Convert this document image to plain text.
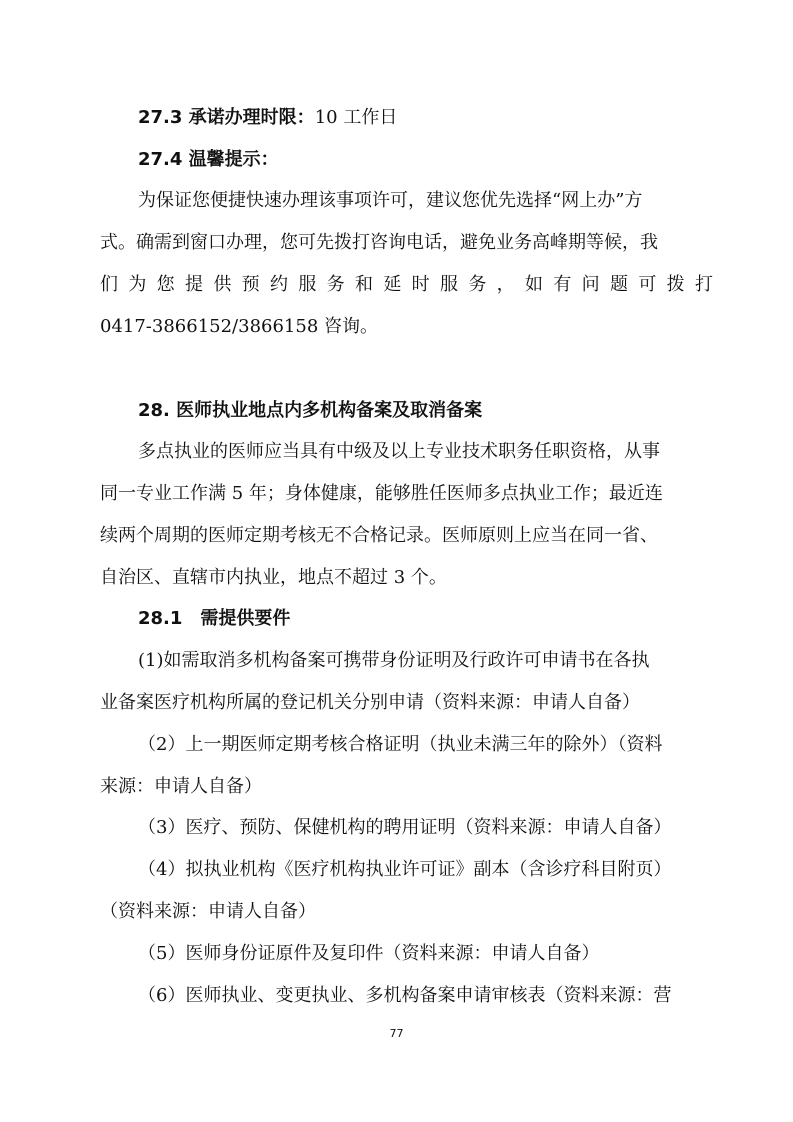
27.3 承诺办理时限：10 工作日
27.4 温馨提示：
为保证您便捷快速办理该事项许可，建议您优先选择“网上办”方
式。确需到窗口办理，您可先拨打咨询电话，避免业务高峰期等候，我
们为您提供预约服务和延时服务，如有问题可拨打
0417-3866152/3866158 咨询。
28. 医师执业地点内多机构备案及取消备案
多点执业的医师应当具有中级及以上专业技术职务任职资格，从事
同一专业工作满 5 年；身体健康，能够胜任医师多点执业工作；最近连
续两个周期的医师定期考核无不合格记录。医师原则上应当在同一省、
自治区、直辖市内执业，地点不超过 3 个。
28.1　需提供要件
(1)如需取消多机构备案可携带身份证明及行政许可申请书在各执
业备案医疗机构所属的登记机关分别申请（资料来源：申请人自备）
（2）上一期医师定期考核合格证明（执业未满三年的除外）（资料
来源：申请人自备）
（3）医疗、预防、保健机构的聘用证明（资料来源：申请人自备）
（4）拟执业机构《医疗机构执业许可证》副本（含诊疗科目附页）
（资料来源：申请人自备）
（5）医师身份证原件及复印件（资料来源：申请人自备）
（6）医师执业、变更执业、多机构备案申请审核表（资料来源：营
77
